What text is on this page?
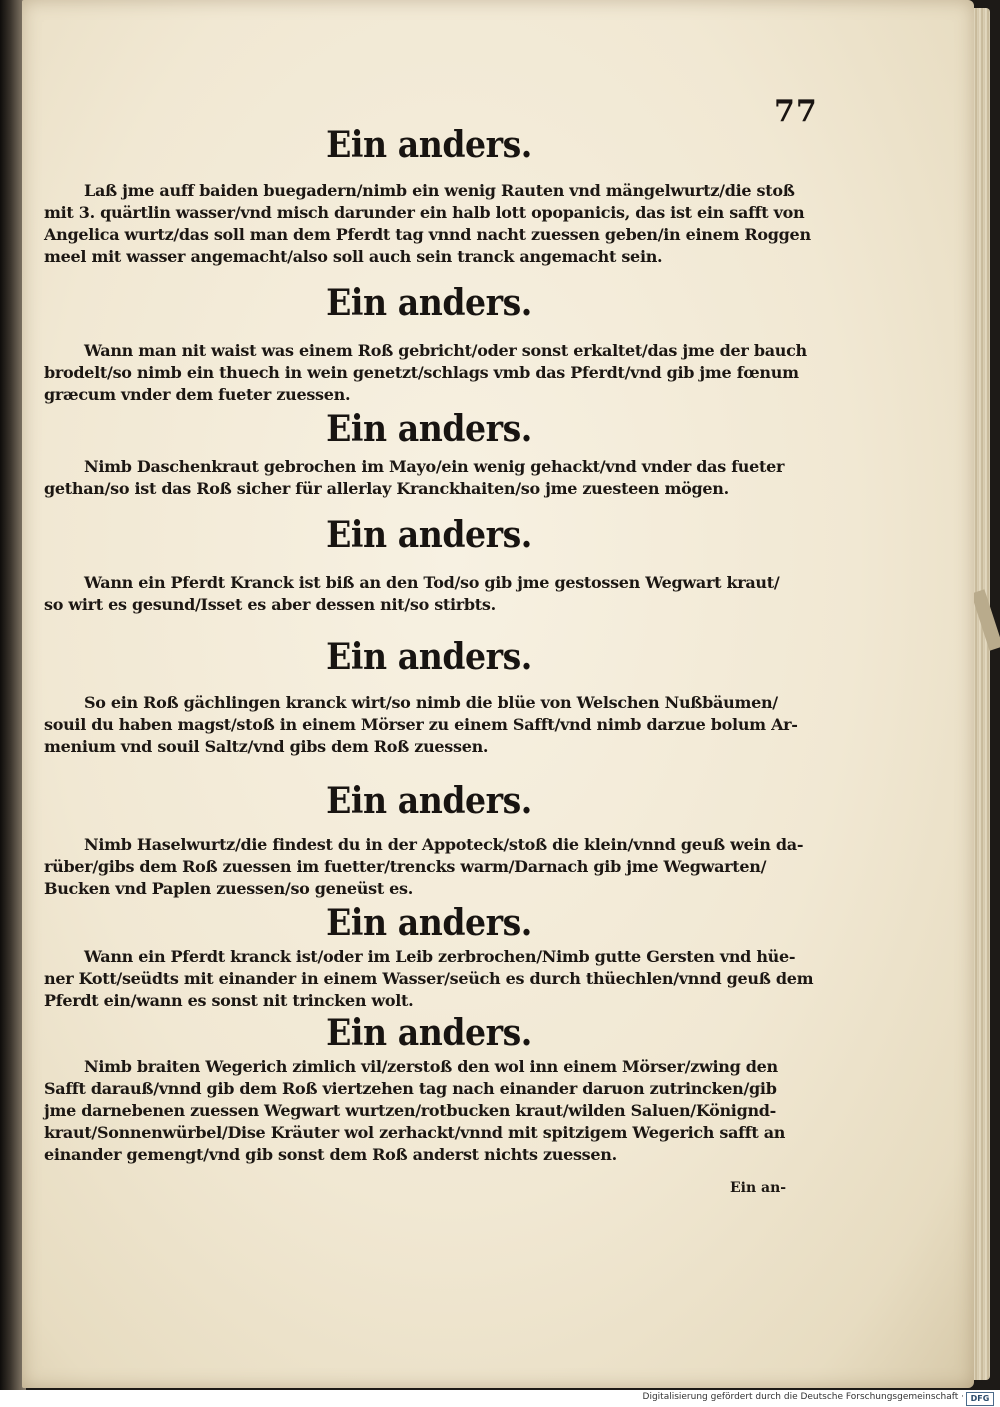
77
Ein anders.

Laß jme auff baiden buegadern/nimb ein wenig Rauten vnd mängelwurtz/die stoß

mit 3. quärtlin wasser/vnd misch darunder ein halb lott opopanicis, das ist ein safft von

Angelica wurtz/das soll man dem Pferdt tag vnnd nacht zuessen geben/in einem Roggen

meel mit wasser angemacht/also soll auch sein tranck angemacht sein.

Ein anders.

Wann man nit waist was einem Roß gebricht/oder sonst erkaltet/das jme der bauch

brodelt/so nimb ein thuech in wein genetzt/schlags vmb das Pferdt/vnd gib jme fœnum

græcum vnder dem fueter zuessen.

Ein anders.

Nimb Daschenkraut gebrochen im Mayo/ein wenig gehackt/vnd vnder das fueter

gethan/so ist das Roß sicher für allerlay Kranckhaiten/so jme zuesteen mögen.

Ein anders.

Wann ein Pferdt Kranck ist biß an den Tod/so gib jme gestossen Wegwart kraut/

so wirt es gesund/Isset es aber dessen nit/so stirbts.

Ein anders.

So ein Roß gächlingen kranck wirt/so nimb die blüe von Welschen Nußbäumen/

souil du haben magst/stoß in einem Mörser zu einem Safft/vnd nimb darzue bolum Ar-

menium vnd souil Saltz/vnd gibs dem Roß zuessen.

Ein anders.

Nimb Haselwurtz/die findest du in der Appoteck/stoß die klein/vnnd geuß wein da-

rüber/gibs dem Roß zuessen im fuetter/trencks warm/Darnach gib jme Wegwarten/

Bucken vnd Paplen zuessen/so geneüst es.

Ein anders.

Wann ein Pferdt kranck ist/oder im Leib zerbrochen/Nimb gutte Gersten vnd hüe-

ner Kott/seüdts mit einander in einem Wasser/seüch es durch thüechlen/vnnd geuß dem

Pferdt ein/wann es sonst nit trincken wolt.

Ein anders.

Nimb braiten Wegerich zimlich vil/zerstoß den wol inn einem Mörser/zwing den

Safft darauß/vnnd gib dem Roß viertzehen tag nach einander daruon zutrincken/gib

jme darnebenen zuessen Wegwart wurtzen/rotbucken kraut/wilden Saluen/Könignd-

kraut/Sonnenwürbel/Dise Kräuter wol zerhackt/vnnd mit spitzigem Wegerich safft an

einander gemengt/vnd gib sonst dem Roß anderst nichts zuessen.

Ein an-
Digitalisierung gefördert durch die Deutsche Forschungsgemeinschaft · DFG
